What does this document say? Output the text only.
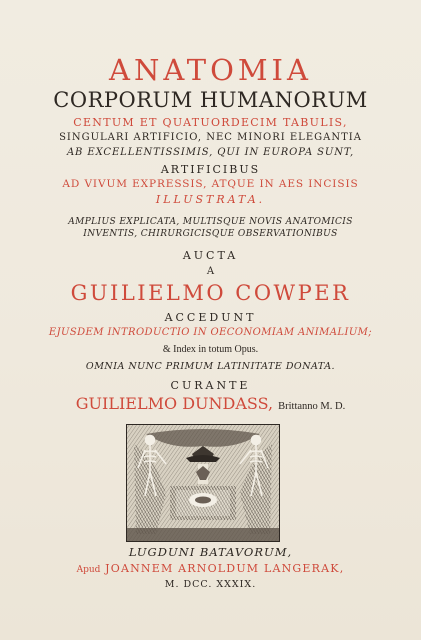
ANATOMIA
CORPORUM HUMANORUM
CENTUM ET QUATUORDECIM TABULIS,
SINGULARI ARTIFICIO, NEC MINORI ELEGANTIA
AB EXCELLENTISSIMIS, QUI IN EUROPA SUNT,
ARTIFICIBUS
AD VIVUM EXPRESSIS, ATQUE IN AES INCISIS
ILLUSTRATA.
AMPLIUS EXPLICATA, MULTISQUE NOVIS ANATOMICIS
INVENTIS, CHIRURGICISQUE OBSERVATIONIBUS
AUCTA
A
GUILIELMO COWPER
ACCEDUNT
EJUSDEM INTRODUCTIO IN OECONOMIAM ANIMALIUM;
& Index in totum Opus.
OMNIA NUNC PRIMUM LATINITATE DONATA.
CURANTE
GUILIELMO DUNDASS, Brittanno M. D.
LUGDUNI BATAVORUM,
Apud JOANNEM ARNOLDUM LANGERAK,
M. DCC. XXXIX.
